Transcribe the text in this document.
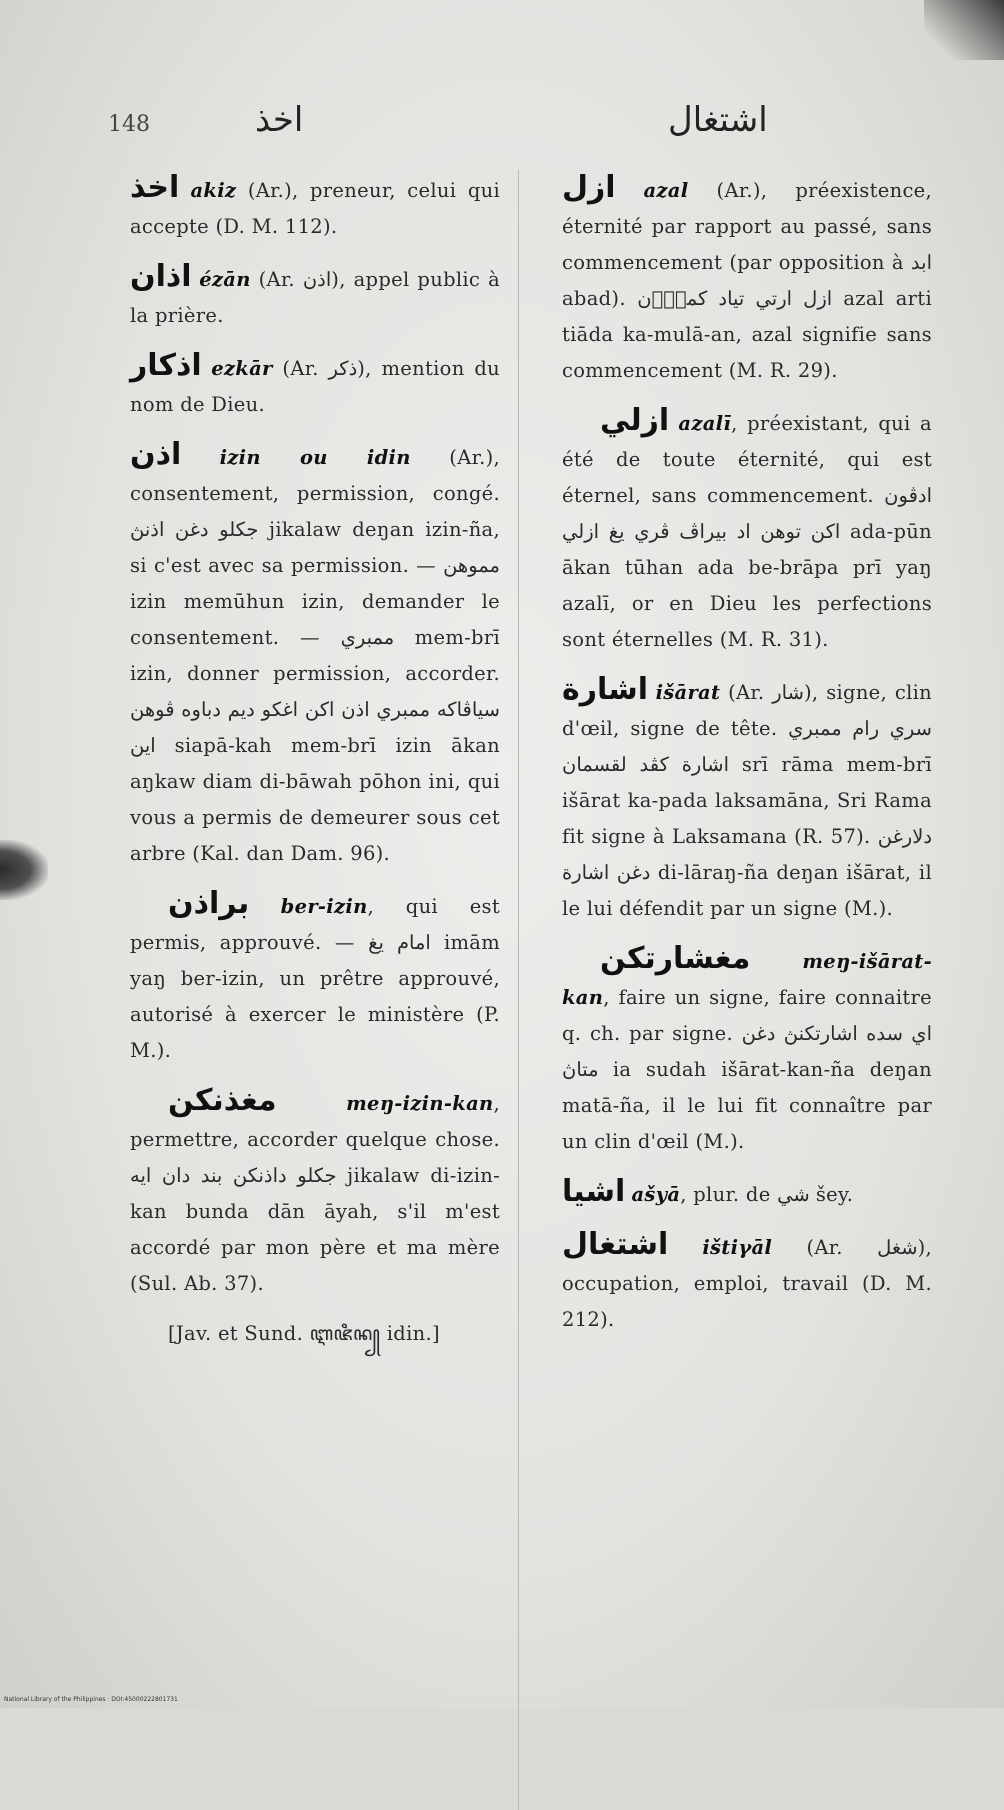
148	اخذ	اشتغال

اخذ akiz (Ar.), preneur, celui qui accepte (D. M. 112).

اذان ézān (Ar. اذن), appel public à la prière.

اذكار ezkār (Ar. ذكر), mention du nom de Dieu.

اذن izin ou idin (Ar.), consentement, permission, congé. جكلو دغن اذنڽ jikalaw deŋan izin-ña, si c'est avec sa permission. — مموهن izin memūhun izin, demander le consentement. — ممبري mem-brī izin, donner permission, accorder. سياڤاكه ممبري اذن اكن اغكو ديم دباوه ڤوهن اين siapā-kah mem-brī izin ākan aŋkaw diam di-bāwah pōhon ini, qui vous a permis de demeurer sous cet arbre (Kal. dan Dam. 96).

براذن ber-izin, qui est permis, approuvé. — امام يغ imām yaŋ ber-izin, un prêtre approuvé, autorisé à exercer le ministère (P. M.).

مغذنكن	meŋ-izin-kan, permettre, accorder quelque chose. جكلو داذنكن بند دان ايه jikalaw di-izin-kan bunda dān āyah, s'il m'est accordé par mon père et ma mère (Sul. Ab. 37).

[Jav. et Sund. ꦆꦗꦶꦤ꧀ idin.]

ازل azal (Ar.), préexistence, éternité par rapport au passé, sans commencement (par opposition à ابد abad). ازل ارتي تياد كملا٘ن azal arti tiāda ka-mulā-an, azal signifie sans commencement (M. R. 29).

ازلي azalī, préexistant, qui a été de toute éternité, qui est éternel, sans commencement. ادڤون اكن توهن اد بيراڤ ڤري يغ ازلي ada-pūn ākan tūhan ada be-brāpa prī yaŋ azalī, or en Dieu les perfections sont éternelles (M. R. 31).

اشارة išārat (Ar. شار), signe, clin d'œil, signe de tête. سري رام ممبري اشارة كڤد لقسمان srī rāma mem-brī išārat ka-pada laksamāna, Sri Rama fit signe à Laksamana (R. 57). دلارغن دغن اشارة di-lāraŋ-ña deŋan išārat, il le lui défendit par un signe (M.).

مغشارتكن	meŋ-išārat-kan, faire un signe, faire connaitre q. ch. par signe. اي سده اشارتكنڽ دغن متاڽ ia sudah išārat-kan-ña deŋan matā-ña, il le lui fit connaître par un clin d'œil (M.).

اشيا ašyā, plur. de شي šey.

اشتغال ištiγāl (Ar. شغل), occupation, emploi, travail (D. M. 212).

National Library of the Philippines · DOI:45000222801731
